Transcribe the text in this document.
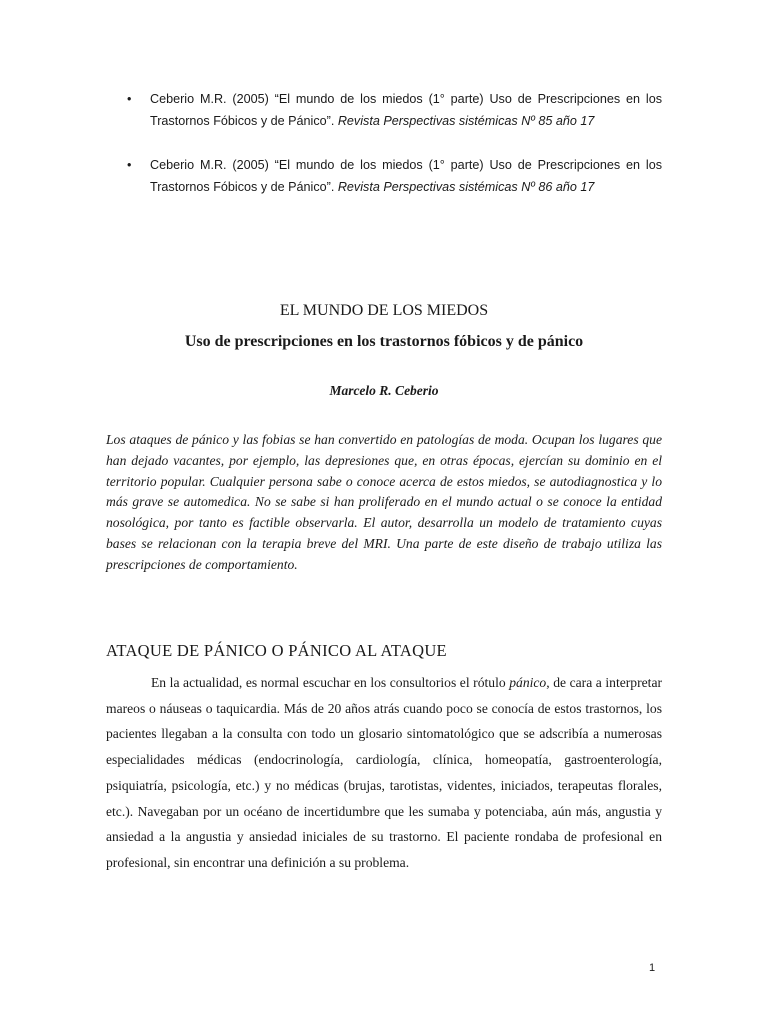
• Ceberio M.R. (2005) “El mundo de los miedos (1° parte) Uso de Prescripciones en los Trastornos Fóbicos y de Pánico”. Revista Perspectivas sistémicas Nº 85 año 17
• Ceberio M.R. (2005) “El mundo de los miedos (1° parte) Uso de Prescripciones en los Trastornos Fóbicos y de Pánico”. Revista Perspectivas sistémicas Nº 86 año 17
EL MUNDO DE LOS MIEDOS
Uso de prescripciones en los trastornos fóbicos y de pánico
Marcelo R. Ceberio

Los ataques de pánico y las fobias se han convertido en patologías de moda. Ocupan los lugares que han dejado vacantes, por ejemplo, las depresiones que, en otras épocas, ejercían su dominio en el territorio popular. Cualquier persona sabe o conoce acerca de estos miedos, se autodiagnostica y lo más grave se automedica. No se sabe si han proliferado en el mundo actual o se conoce la entidad nosológica, por tanto es factible observarla. El autor, desarrolla un modelo de tratamiento cuyas bases se relacionan con la terapia breve del MRI. Una parte de este diseño de trabajo utiliza las prescripciones de comportamiento.

ATAQUE DE PÁNICO O PÁNICO AL ATAQUE

En la actualidad, es normal escuchar en los consultorios el rótulo pánico, de cara a interpretar mareos o náuseas o taquicardia. Más de 20 años atrás cuando poco se conocía de estos trastornos, los pacientes llegaban a la consulta con todo un glosario sintomatológico que se adscribía a numerosas especialidades médicas (endocrinología, cardiología, clínica, homeopatía, gastroenterología, psiquiatría, psicología, etc.) y no médicas (brujas, tarotistas, videntes, iniciados, terapeutas florales, etc.). Navegaban por un océano de incertidumbre que les sumaba y potenciaba, aún más, angustia y ansiedad a la angustia y ansiedad iniciales de su trastorno. El paciente rondaba de profesional en profesional, sin encontrar una definición a su problema.

1
